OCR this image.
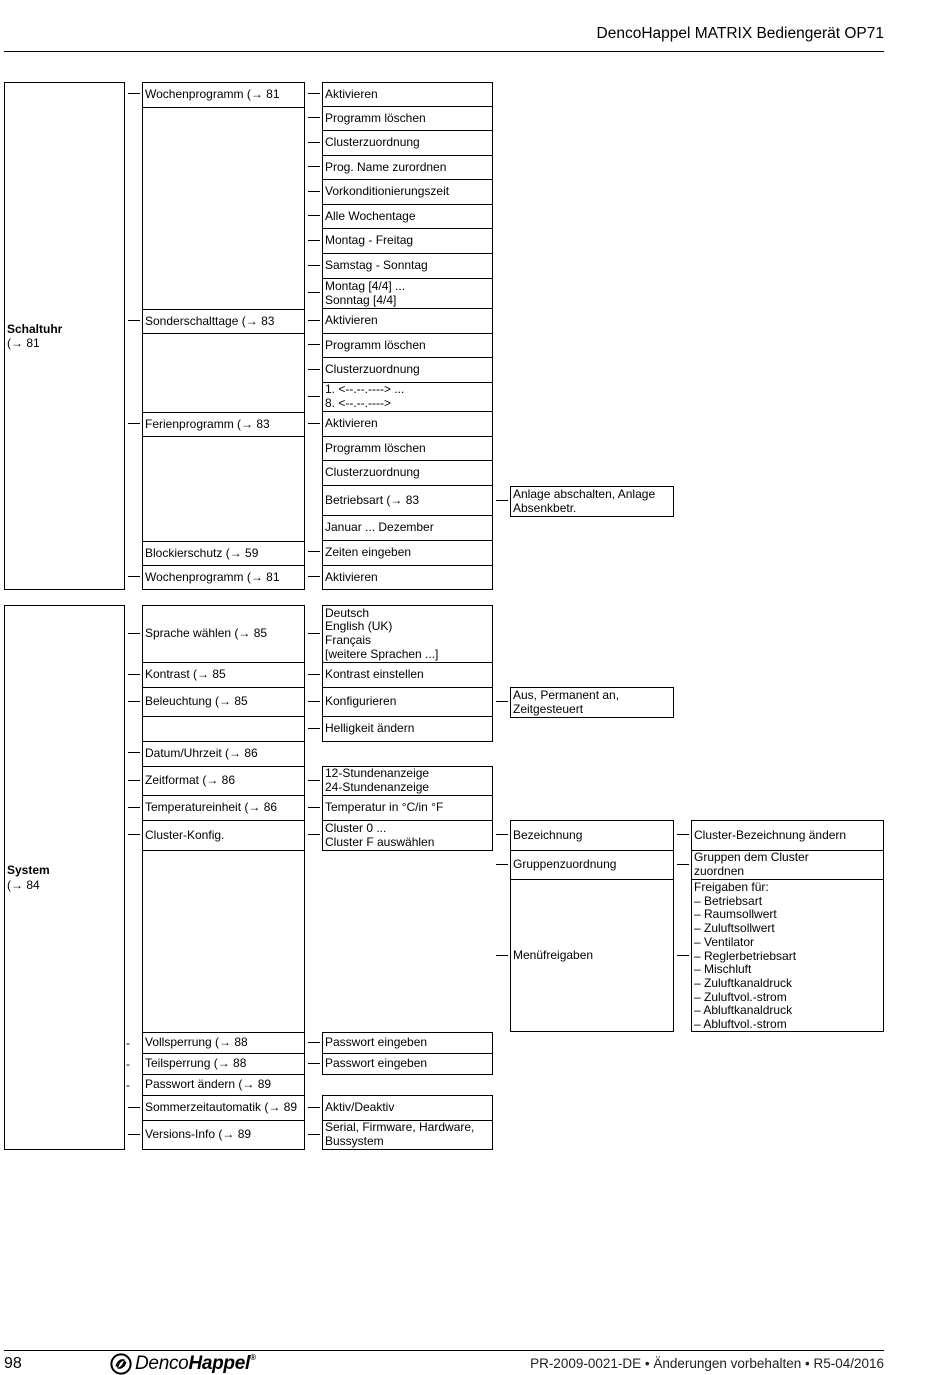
DencoHappel MATRIX Bediengerät OP71
Schaltuhr
(→ 81
Wochenprogramm (→ 81
Sonderschalttage (→ 83
Ferienprogramm (→ 83
Blockierschutz (→ 59
Wochenprogramm (→ 81
Aktivieren
Programm löschen
Clusterzuordnung
Prog. Name zurordnen
Vorkonditionierungszeit
Alle Wochentage
Montag - Freitag
Samstag - Sonntag
Montag [4/4] ...
Sonntag [4/4]
Aktivieren
Programm löschen
Clusterzuordnung
1. <--.--.----> ...
8. <--.--.---->
Aktivieren
Programm löschen
Clusterzuordnung
Betriebsart (→ 83
Januar ... Dezember
Zeiten eingeben
Aktivieren
Anlage abschalten, Anlage
Absenkbetr.
System
(→ 84
Sprache wählen (→ 85
Kontrast (→ 85
Beleuchtung (→ 85
Datum/Uhrzeit (→ 86
Zeitformat (→ 86
Temperatureinheit (→ 86
Cluster-Konfig.
Vollsperrung (→ 88
Teilsperrung (→ 88
Passwort ändern (→ 89
Sommerzeitautomatik (→ 89
Versions-Info (→ 89
-
-
-
Deutsch
English (UK)
Français
[weitere Sprachen ...]
Kontrast einstellen
Konfigurieren
Helligkeit ändern
12-Stundenanzeige
24-Stundenanzeige
Temperatur in °C/in °F
Cluster 0 ...
Cluster F auswählen
Passwort eingeben
Passwort eingeben
Aktiv/Deaktiv
Serial, Firmware, Hardware,
Bussystem
Aus, Permanent an,
Zeitgesteuert
Bezeichnung
Gruppenzuordnung
Menüfreigaben
Cluster-Bezeichnung ändern
Gruppen dem Cluster
zuordnen
Freigaben für:
– Betriebsart
– Raumsollwert
– Zuluftsollwert
– Ventilator
– Reglerbetriebsart
– Mischluft
– Zuluftkanaldruck
– Zuluftvol.-strom
– Abluftkanaldruck
– Abluftvol.-strom
98	DencoHappel®	PR-2009-0021-DE • Änderungen vorbehalten • R5-04/2016
